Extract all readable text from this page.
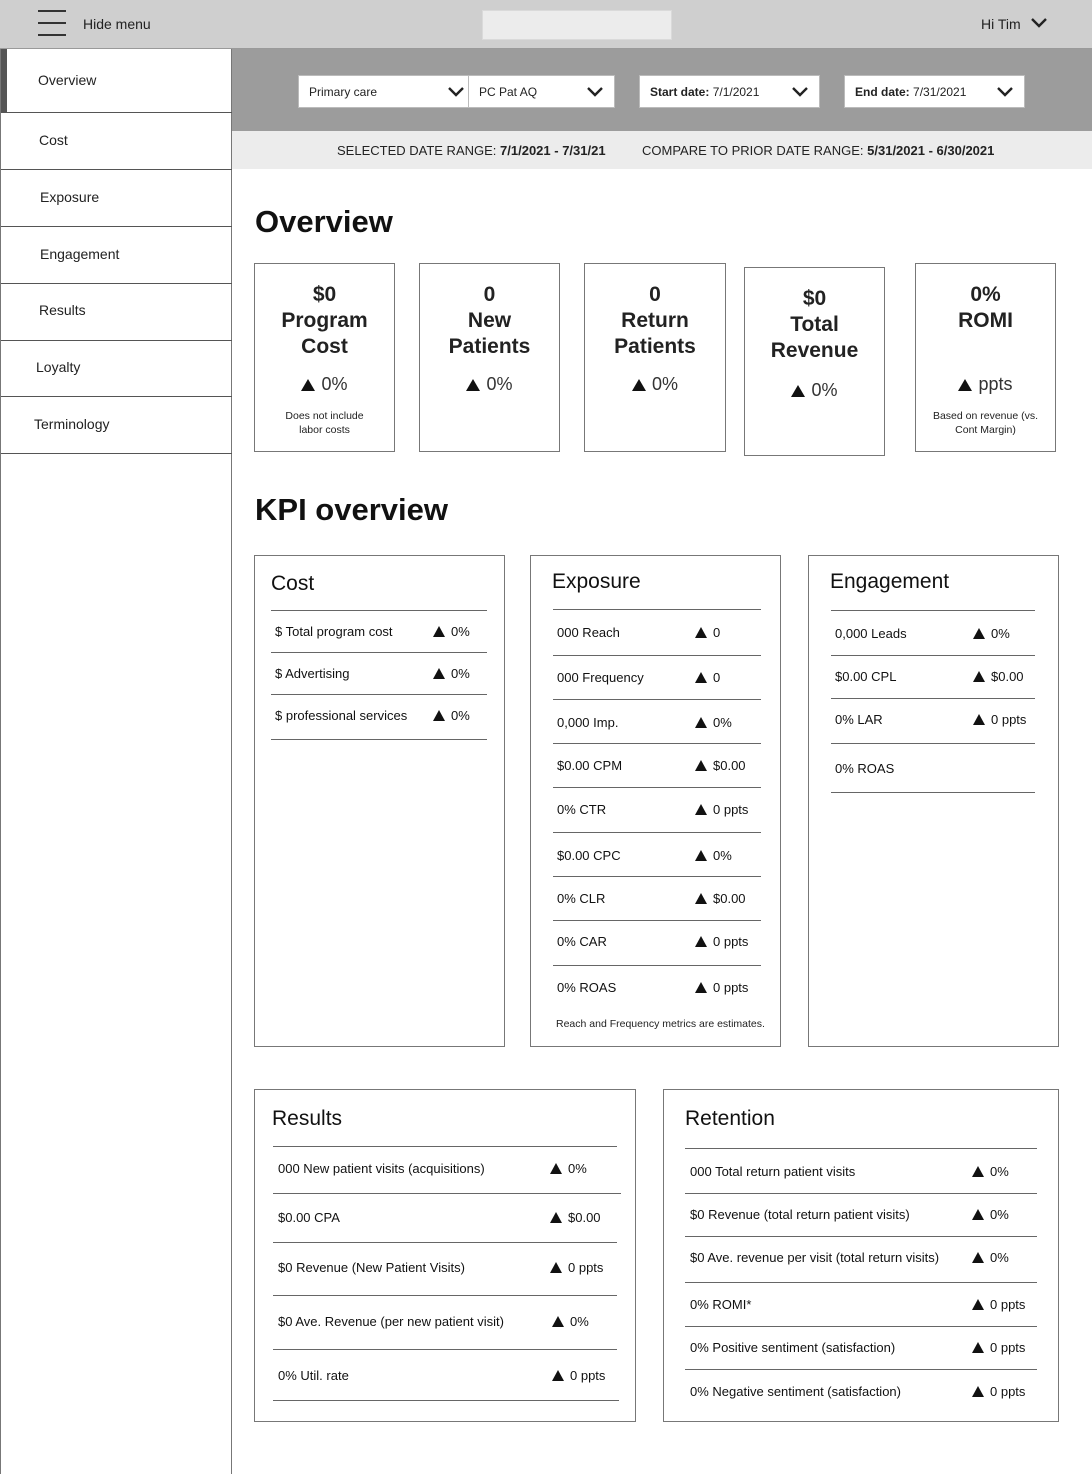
Hide menu	Hi Tim
Overview
Cost
Exposure
Engagement
Results
Loyalty
Terminology
Primary care	PC Pat AQ	Start date: 7/1/2021	End date: 7/31/2021
SELECTED DATE RANGE: 7/1/2021 - 7/31/21	COMPARE TO PRIOR DATE RANGE: 5/31/2021 - 6/30/2021
Overview
$0
Program
Cost
0%
Does not include
labor costs
0
New
Patients
0%
0
Return
Patients
0%
$0
Total
Revenue
0%
0%
ROMI
ppts
Based on revenue (vs.
Cont Margin)
KPI overview
Cost
$ Total program cost	0%
$ Advertising	0%
$ professional services	0%
Exposure
000 Reach	0
000 Frequency	0
0,000 Imp.	0%
$0.00 CPM	$0.00
0% CTR	0 ppts
$0.00 CPC	0%
0% CLR	$0.00
0% CAR	0 ppts
0% ROAS	0 ppts
Reach and Frequency metrics are estimates.
Engagement
0,000 Leads	0%
$0.00 CPL	$0.00
0% LAR	0 ppts
0% ROAS
Results
000 New patient visits (acquisitions)	0%
$0.00 CPA	$0.00
$0 Revenue (New Patient Visits)	0 ppts
$0 Ave. Revenue (per new patient visit)	0%
0% Util. rate	0 ppts
Retention
000 Total return patient visits	0%
$0 Revenue (total return patient visits)	0%
$0 Ave. revenue per visit (total return visits)	0%
0% ROMI*	0 ppts
0% Positive sentiment (satisfaction)	0 ppts
0% Negative sentiment (satisfaction)	0 ppts
